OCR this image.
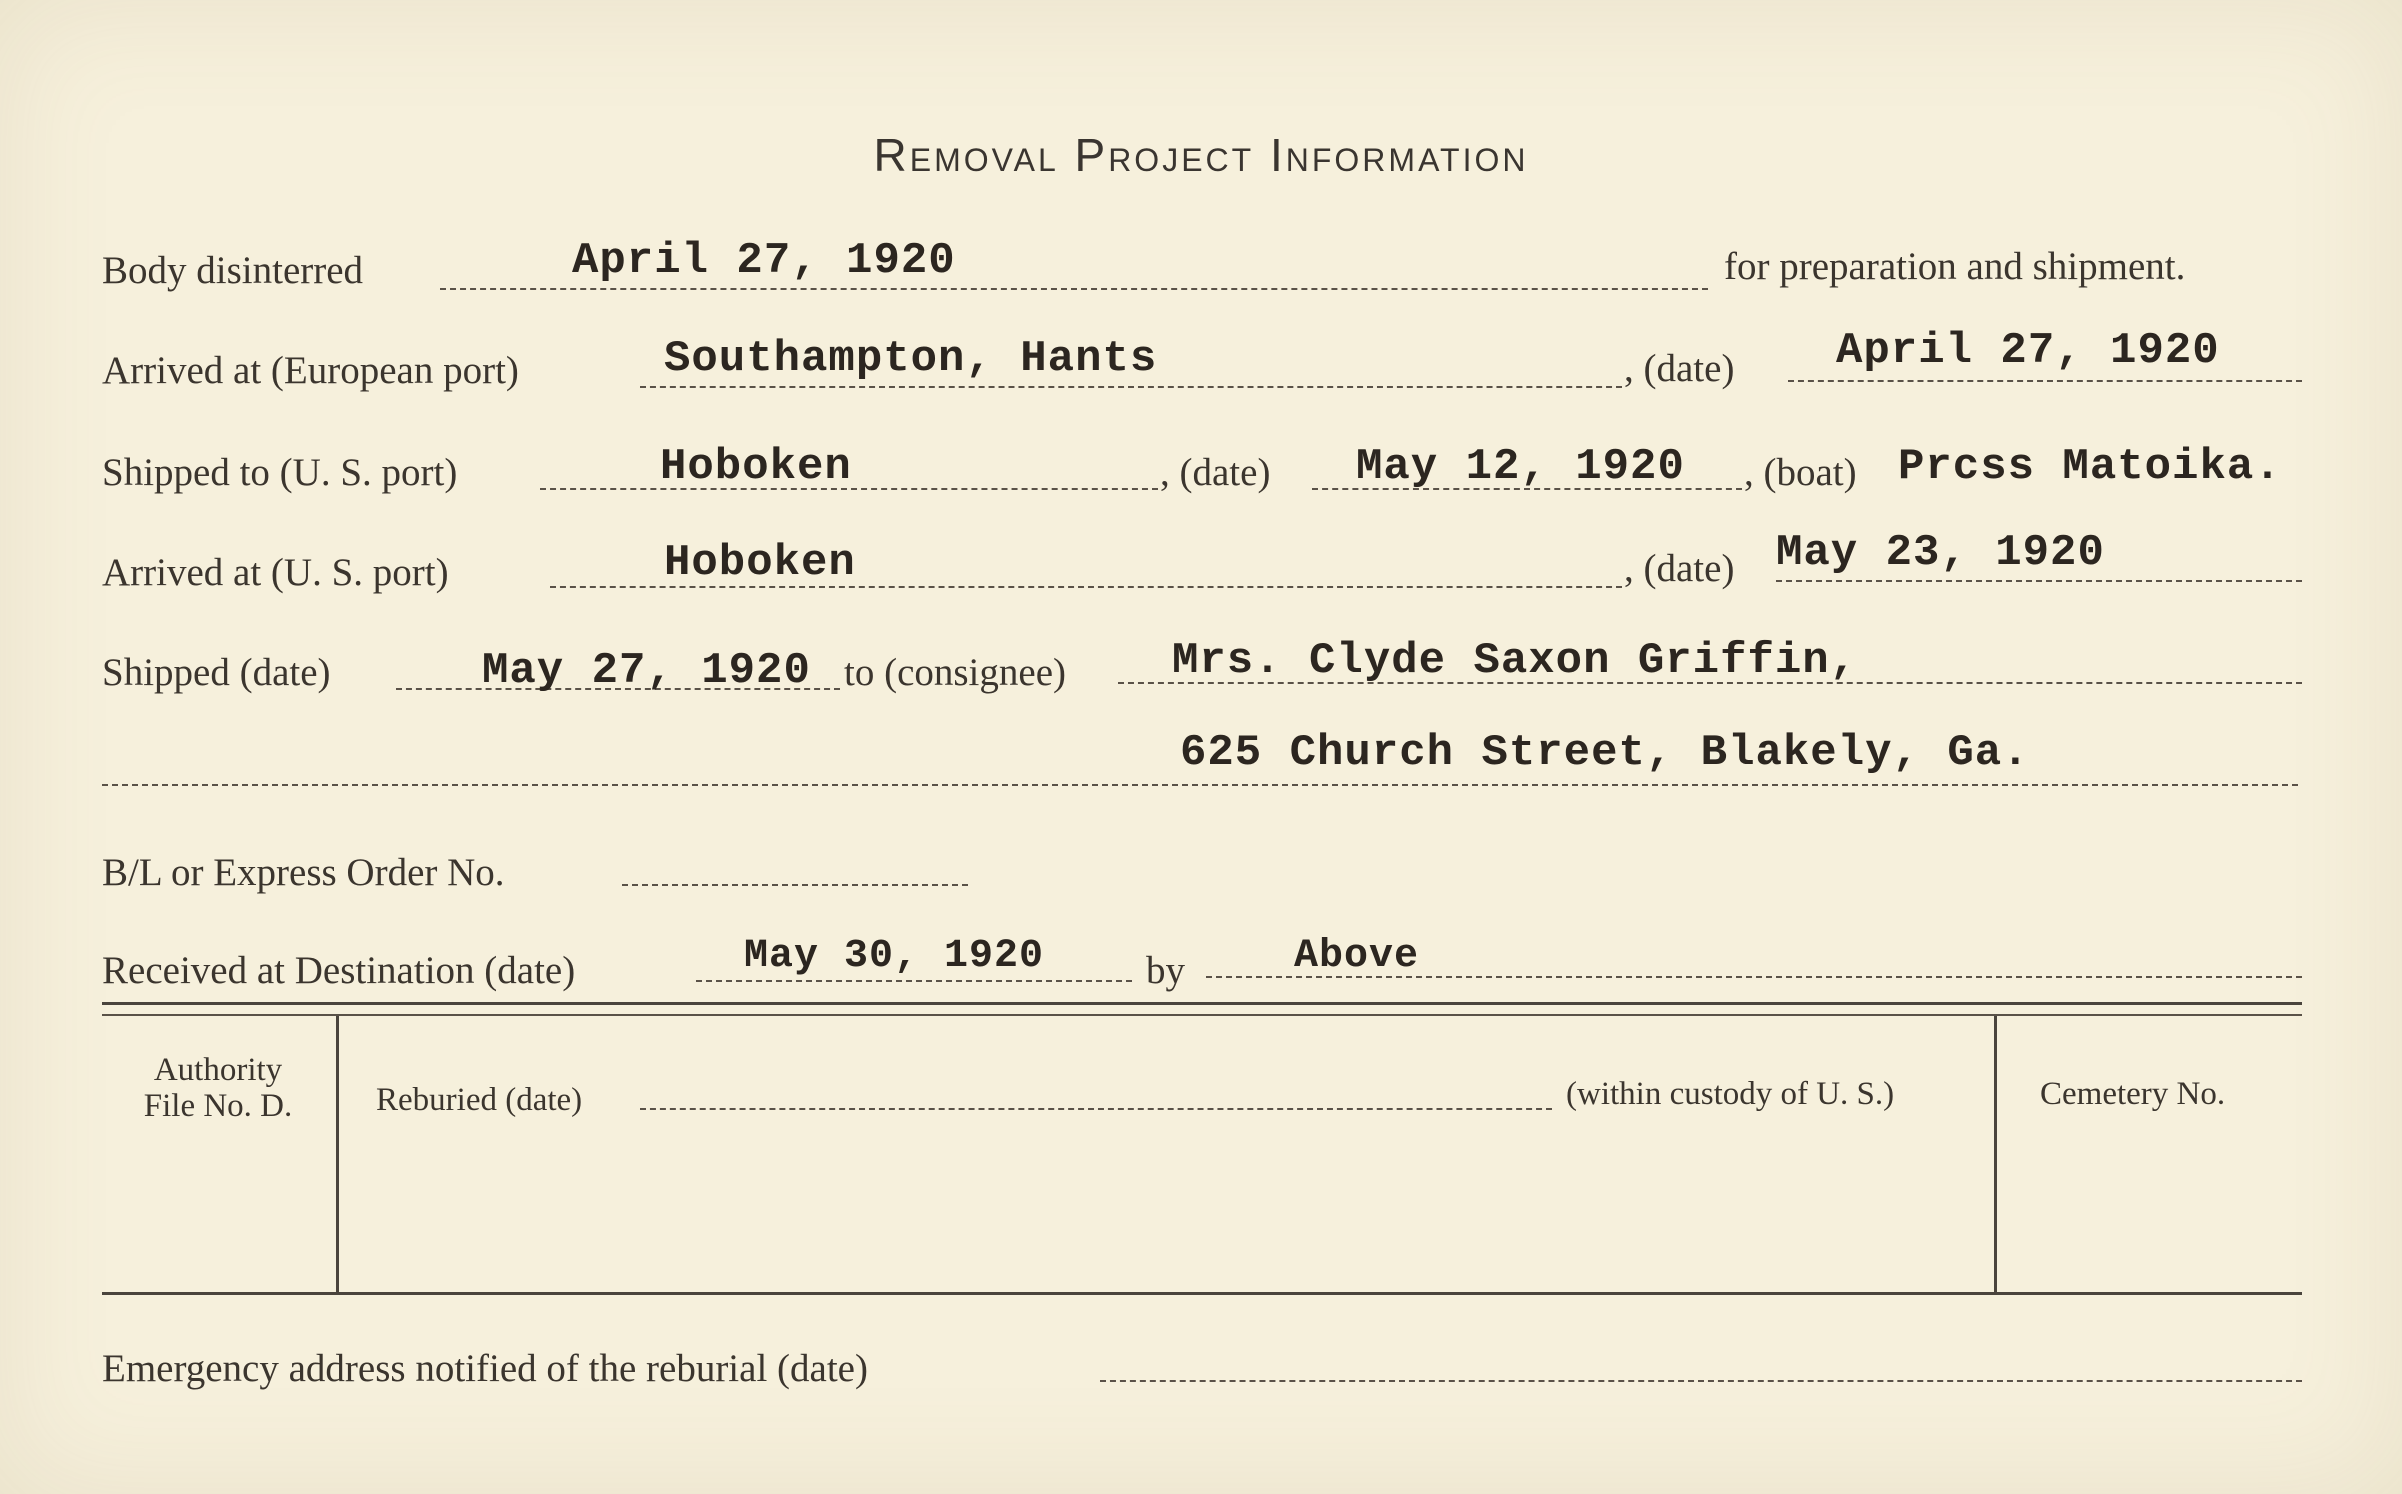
Removal Project Information
Body disinterred	April 27, 1920	for preparation and shipment.
Arrived at (European port)	Southampton, Hants	, (date) April 27, 1920
Shipped to (U. S. port)	Hoboken	, (date) May 12, 1920 , (boat) Prcss Matoika.
Arrived at (U. S. port)	Hoboken	, (date) May 23, 1920
Shipped (date)	May 27, 1920 to (consignee) Mrs. Clyde Saxon Griffin,
625 Church Street, Blakely, Ga.
B/L or Express Order No.
Received at Destination (date)	May 30, 1920	by	Above
Authority
File No. D.	Reburied (date)	(within custody of U. S.)	Cemetery No.
Emergency address notified of the reburial (date)
